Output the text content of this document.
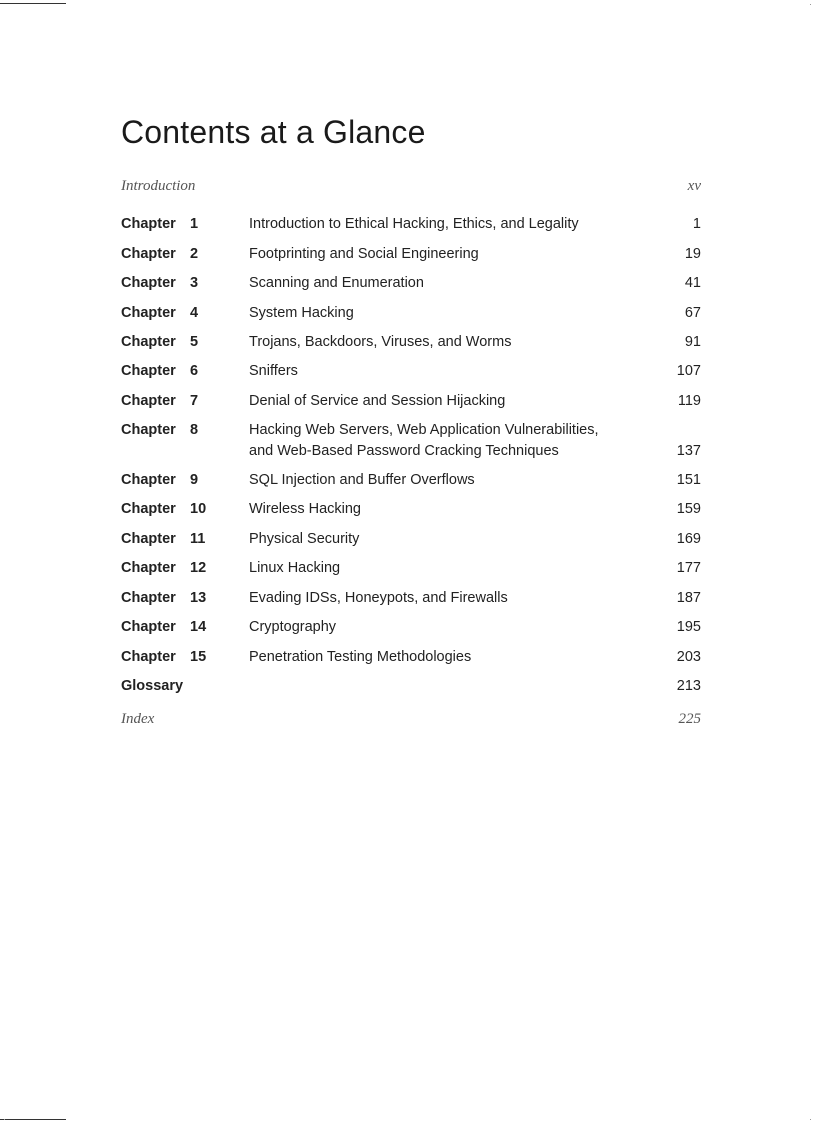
Contents at a Glance
Introduction	xv
Chapter 1	Introduction to Ethical Hacking, Ethics, and Legality	1
Chapter 2	Footprinting and Social Engineering	19
Chapter 3	Scanning and Enumeration	41
Chapter 4	System Hacking	67
Chapter 5	Trojans, Backdoors, Viruses, and Worms	91
Chapter 6	Sniffers	107
Chapter 7	Denial of Service and Session Hijacking	119
Chapter 8	Hacking Web Servers, Web Application Vulnerabilities,
and Web-Based Password Cracking Techniques	137
Chapter 9	SQL Injection and Buffer Overflows	151
Chapter 10	Wireless Hacking	159
Chapter 11	Physical Security	169
Chapter 12	Linux Hacking	177
Chapter 13	Evading IDSs, Honeypots, and Firewalls	187
Chapter 14	Cryptography	195
Chapter 15	Penetration Testing Methodologies	203
Glossary	213
Index	225
